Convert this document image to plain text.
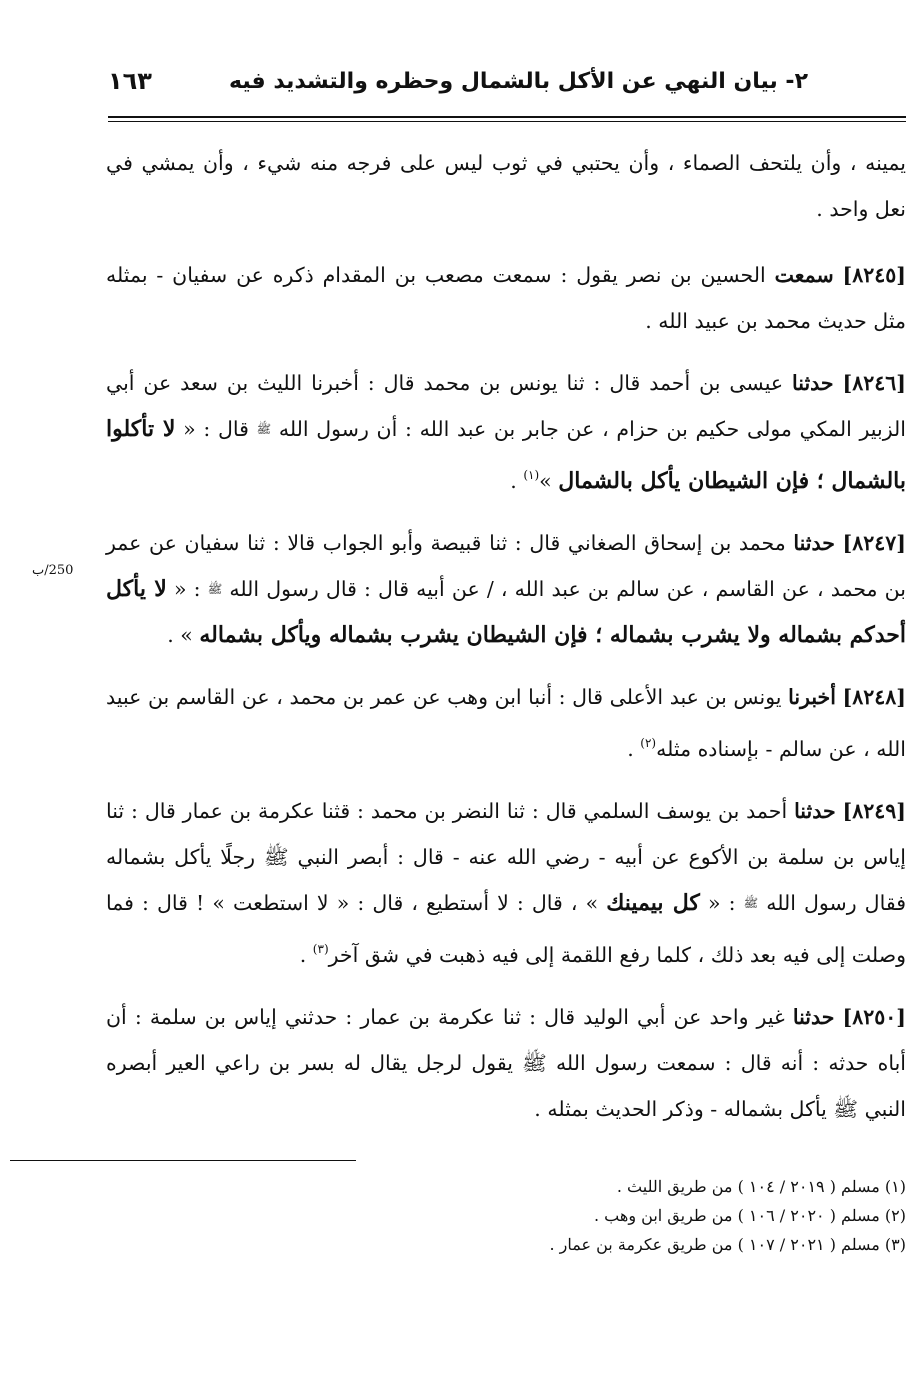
٢- بيان النهي عن الأكل بالشمال وحظره والتشديد فيه
١٦٣
250/ب

يمينه ، وأن يلتحف الصماء ، وأن يحتبي في ثوب ليس على فرجه منه شيء ، وأن يمشي في نعل واحد .

[٨٢٤٥] سمعت الحسين بن نصر يقول : سمعت مصعب بن المقدام ذكره عن سفيان - بمثله مثل حديث محمد بن عبيد الله .

[٨٢٤٦] حدثنا عيسى بن أحمد قال : ثنا يونس بن محمد قال : أخبرنا الليث بن سعد عن أبي الزبير المكي مولى حكيم بن حزام ، عن جابر بن عبد الله : أن رسول الله ﷺ قال : « لا تأكلوا بالشمال ؛ فإن الشيطان يأكل بالشمال »$^{(١)}$ .

[٨٢٤٧] حدثنا محمد بن إسحاق الصغاني قال : ثنا قبيصة وأبو الجواب قالا : ثنا سفيان عن عمر بن محمد ، عن القاسم ، عن سالم بن عبد الله ، / عن أبيه قال : قال رسول الله ﷺ : « لا يأكل أحدكم بشماله ولا يشرب بشماله ؛ فإن الشيطان يشرب بشماله ويأكل بشماله » .

[٨٢٤٨] أخبرنا يونس بن عبد الأعلى قال : أنبا ابن وهب عن عمر بن محمد ، عن القاسم بن عبيد الله ، عن سالم - بإسناده مثله$^{(٢)}$ .

[٨٢٤٩] حدثنا أحمد بن يوسف السلمي قال : ثنا النضر بن محمد : قثنا عكرمة بن عمار قال : ثنا إياس بن سلمة بن الأكوع عن أبيه - رضي الله عنه - قال : أبصر النبي ﷺ رجلًا يأكل بشماله فقال رسول الله ﷺ : « كل بيمينك » ، قال : لا أستطيع ، قال : « لا استطعت » ! قال : فما وصلت إلى فيه بعد ذلك ، كلما رفع اللقمة إلى فيه ذهبت في شق آخر$^{(٣)}$ .

[٨٢٥٠] حدثنا غير واحد عن أبي الوليد قال : ثنا عكرمة بن عمار : حدثني إياس بن سلمة : أن أباه حدثه : أنه قال : سمعت رسول الله ﷺ يقول لرجل يقال له بسر بن راعي العير أبصره النبي ﷺ يأكل بشماله - وذكر الحديث بمثله .

(١) مسلم ( ٢٠١٩ / ١٠٤ ) من طريق الليث .

(٢) مسلم ( ٢٠٢٠ / ١٠٦ ) من طريق ابن وهب .

(٣) مسلم ( ٢٠٢١ / ١٠٧ ) من طريق عكرمة بن عمار .
